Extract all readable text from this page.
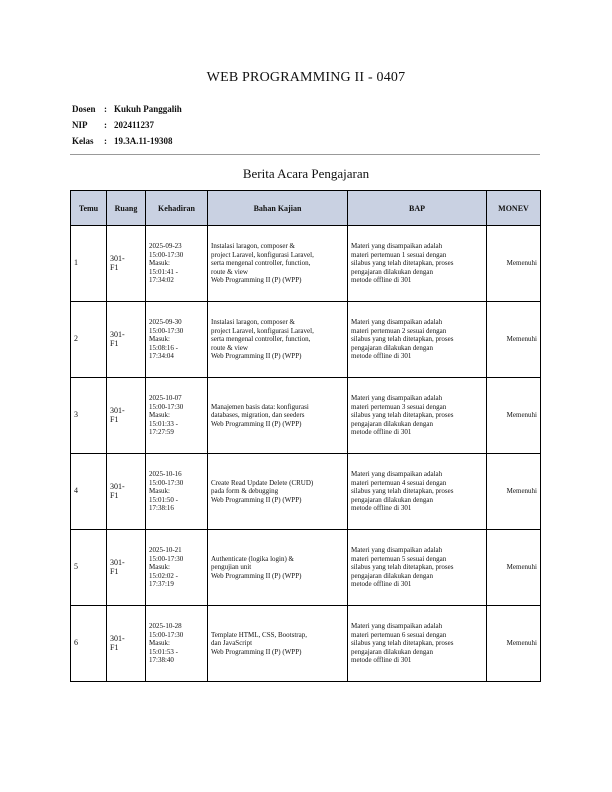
WEB PROGRAMMING II - 0407
Dosen : Kukuh Panggalih
NIP	: 202411237
Kelas	: 19.3A.11-19308
Berita Acara Pengajaran
Temu	Ruang	Kehadiran	Bahan Kajian	BAP	MONEV
1	301-
F1	2025-09-23
15:00-17:30
Masuk:
15:01:41 -
17:34:02	Instalasi laragon, composer &
project Laravel, konfigurasi Laravel,
serta mengenal controller, function,
route & view
Web Programming II (P) (WPP)	Materi yang disampaikan adalah
materi pertemuan 1 sesuai dengan
silabus yang telah ditetapkan, proses
pengajaran dilakukan dengan
metode offline di 301	Memenuhi
2	301-
F1	2025-09-30
15:00-17:30
Masuk:
15:08:16 -
17:34:04	Instalasi laragon, composer &
project Laravel, konfigurasi Laravel,
serta mengenal controller, function,
route & view
Web Programming II (P) (WPP)	Materi yang disampaikan adalah
materi pertemuan 2 sesuai dengan
silabus yang telah ditetapkan, proses
pengajaran dilakukan dengan
metode offline di 301	Memenuhi
3	301-
F1	2025-10-07
15:00-17:30
Masuk:
15:01:33 -
17:27:59	Manajemen basis data: konfigurasi
databases, migration, dan seeders
Web Programming II (P) (WPP)	Materi yang disampaikan adalah
materi pertemuan 3 sesuai dengan
silabus yang telah ditetapkan, proses
pengajaran dilakukan dengan
metode offline di 301	Memenuhi
4	301-
F1	2025-10-16
15:00-17:30
Masuk:
15:01:50 -
17:38:16	Create Read Update Delete (CRUD)
pada form & debugging
Web Programming II (P) (WPP)	Materi yang disampaikan adalah
materi pertemuan 4 sesuai dengan
silabus yang telah ditetapkan, proses
pengajaran dilakukan dengan
metode offline di 301	Memenuhi
5	301-
F1	2025-10-21
15:00-17:30
Masuk:
15:02:02 -
17:37:19	Authenticate (logika login) &
pengujian unit
Web Programming II (P) (WPP)	Materi yang disampaikan adalah
materi pertemuan 5 sesuai dengan
silabus yang telah ditetapkan, proses
pengajaran dilakukan dengan
metode offline di 301	Memenuhi
6	301-
F1	2025-10-28
15:00-17:30
Masuk:
15:01:53 -
17:38:40	Template HTML, CSS, Bootstrap,
dan JavaScript
Web Programming II (P) (WPP)	Materi yang disampaikan adalah
materi pertemuan 6 sesuai dengan
silabus yang telah ditetapkan, proses
pengajaran dilakukan dengan
metode offline di 301	Memenuhi
